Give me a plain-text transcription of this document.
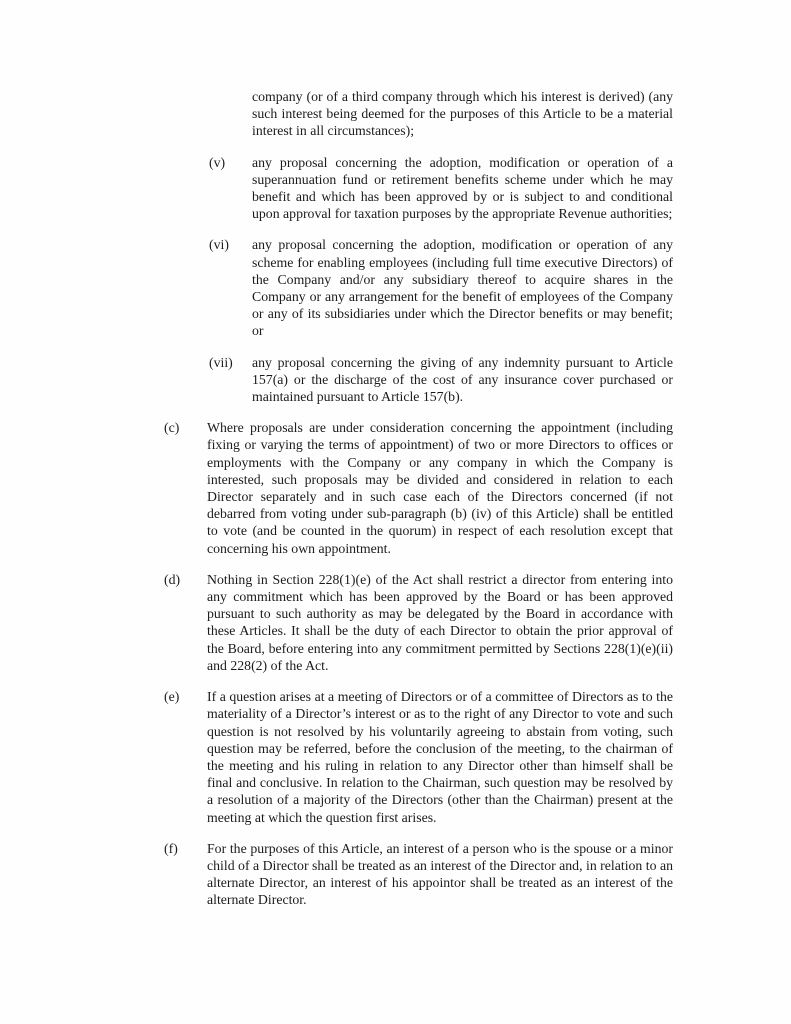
company (or of a third company through which his interest is derived) (any such interest being deemed for the purposes of this Article to be a material interest in all circumstances);

(v)	any proposal concerning the adoption, modification or operation of a superannuation fund or retirement benefits scheme under which he may benefit and which has been approved by or is subject to and conditional upon approval for taxation purposes by the appropriate Revenue authorities;

(vi)	any proposal concerning the adoption, modification or operation of any scheme for enabling employees (including full time executive Directors) of the Company and/or any subsidiary thereof to acquire shares in the Company or any arrangement for the benefit of employees of the Company or any of its subsidiaries under which the Director benefits or may benefit; or

(vii)	any proposal concerning the giving of any indemnity pursuant to Article 157(a) or the discharge of the cost of any insurance cover purchased or maintained pursuant to Article 157(b).

(c)	Where proposals are under consideration concerning the appointment (including fixing or varying the terms of appointment) of two or more Directors to offices or employments with the Company or any company in which the Company is interested, such proposals may be divided and considered in relation to each Director separately and in such case each of the Directors concerned (if not debarred from voting under sub-paragraph (b) (iv) of this Article) shall be entitled to vote (and be counted in the quorum) in respect of each resolution except that concerning his own appointment.

(d)	Nothing in Section 228(1)(e) of the Act shall restrict a director from entering into any commitment which has been approved by the Board or has been approved pursuant to such authority as may be delegated by the Board in accordance with these Articles. It shall be the duty of each Director to obtain the prior approval of the Board, before entering into any commitment permitted by Sections 228(1)(e)(ii) and 228(2) of the Act.

(e)	If a question arises at a meeting of Directors or of a committee of Directors as to the materiality of a Director’s interest or as to the right of any Director to vote and such question is not resolved by his voluntarily agreeing to abstain from voting, such question may be referred, before the conclusion of the meeting, to the chairman of the meeting and his ruling in relation to any Director other than himself shall be final and conclusive. In relation to the Chairman, such question may be resolved by a resolution of a majority of the Directors (other than the Chairman) present at the meeting at which the question first arises.

(f)	For the purposes of this Article, an interest of a person who is the spouse or a minor child of a Director shall be treated as an interest of the Director and, in relation to an alternate Director, an interest of his appointor shall be treated as an interest of the alternate Director.
